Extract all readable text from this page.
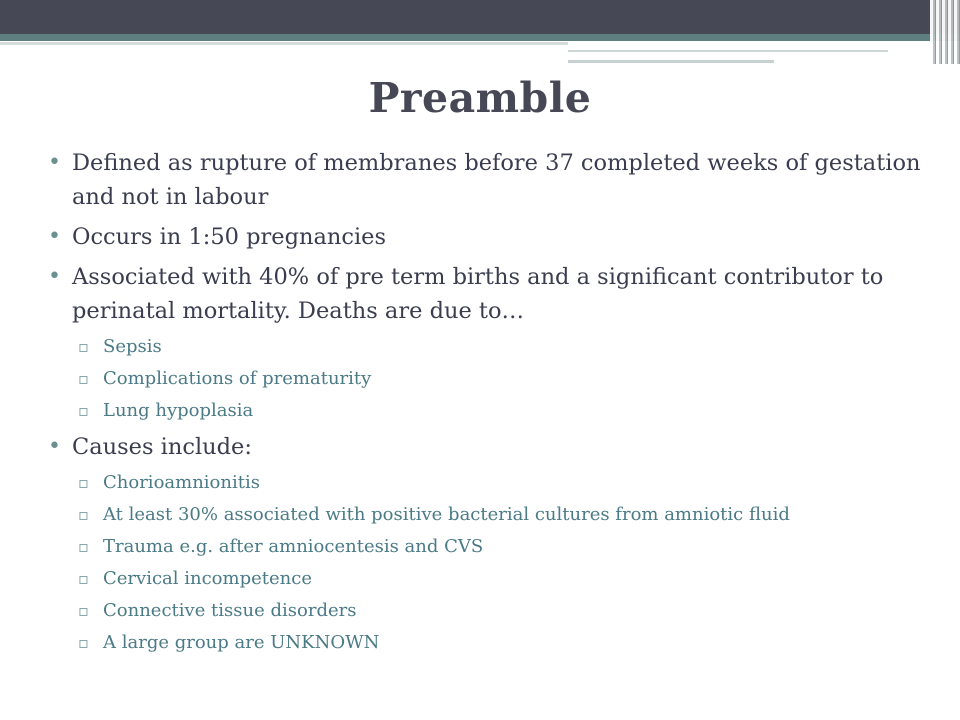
Preamble
• Defined as rupture of membranes before 37 completed weeks of gestation and not in labour
• Occurs in 1:50 pregnancies
• Associated with 40% of pre term births and a significant contributor to perinatal mortality. Deaths are due to…
▫ Sepsis
▫ Complications of prematurity
▫ Lung hypoplasia
• Causes include:
▫ Chorioamnionitis
▫ At least 30% associated with positive bacterial cultures from amniotic fluid
▫ Trauma e.g. after amniocentesis and CVS
▫ Cervical incompetence
▫ Connective tissue disorders
▫ A large group are UNKNOWN
